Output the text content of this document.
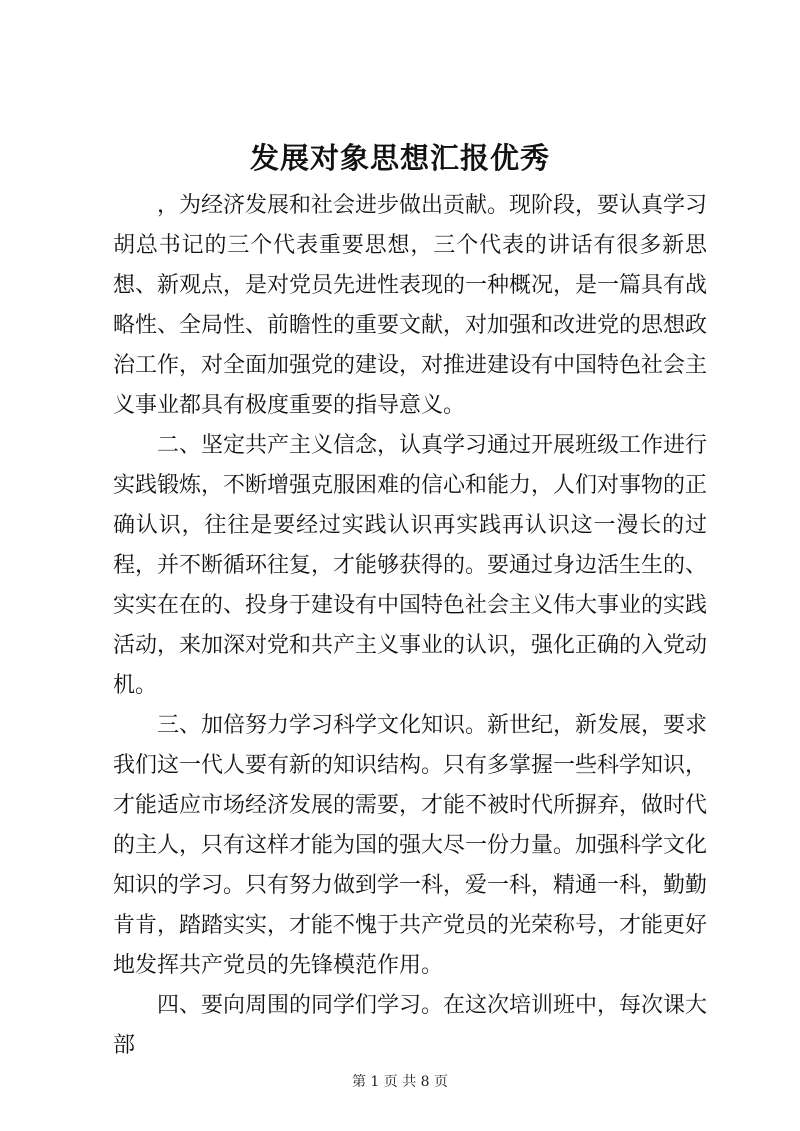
发展对象思想汇报优秀

，为经济发展和社会进步做出贡献。现阶段，要认真学习胡总书记的三个代表重要思想，三个代表的讲话有很多新思想、新观点，是对党员先进性表现的一种概况，是一篇具有战略性、全局性、前瞻性的重要文献，对加强和改进党的思想政治工作，对全面加强党的建设，对推进建设有中国特色社会主义事业都具有极度重要的指导意义。

二、坚定共产主义信念，认真学习通过开展班级工作进行实践锻炼，不断增强克服困难的信心和能力，人们对事物的正确认识，往往是要经过实践认识再实践再认识这一漫长的过程，并不断循环往复，才能够获得的。要通过身边活生生的、实实在在的、投身于建设有中国特色社会主义伟大事业的实践活动，来加深对党和共产主义事业的认识，强化正确的入党动机。

三、加倍努力学习科学文化知识。新世纪，新发展，要求我们这一代人要有新的知识结构。只有多掌握一些科学知识，才能适应市场经济发展的需要，才能不被时代所摒弃，做时代的主人，只有这样才能为国的强大尽一份力量。加强科学文化知识的学习。只有努力做到学一科，爱一科，精通一科，勤勤肯肯，踏踏实实，才能不愧于共产党员的光荣称号，才能更好地发挥共产党员的先锋模范作用。

四、要向周围的同学们学习。在这次培训班中，每次课大部

第 1 页 共 8 页
